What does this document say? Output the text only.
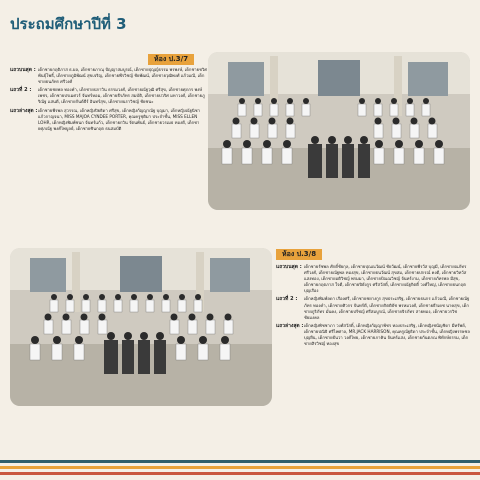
ประถมศึกษาปีที่ 3
ห้อง ป.3/7
แถวบนสุด : เด็กชายกฤติภาส ธ.ผล, เด็กชายภาณุ ปัญญาสมบูรณ์, เด็กชายปุญญ์ธรรม พรพงษ์, เด็กชายชวิศ พันธุ์โพธิ์, เด็กชายภูมิพัฒน์ สุขเจริญ, เด็กชายพีรวิชญ์ ชัยพัฒน์, เด็กชายวุฒิพงศ์ แก้วมณี, เด็กชายธนภัทร ศรีวงศ์
แถวที่ 2 : เด็กชายชยพล ทองคำ, เด็กชายปภาวิน ธรรมวงศ์, เด็กชายณัฐวุฒิ ศรีสุข, เด็กชายศุภกร พงษ์เพชร, เด็กชายปรเมศวร์ จันทร์หอม, เด็กชายธีรภัทร สมบัติ, เด็กชายปวริศ มหาวงศ์, เด็กชายภูริณัฐ แสนดี, เด็กชายกันต์ธีร์ อินทร์สุข, เด็กชายนราวิชญ์ ชัยชนะ
แถวล่างสุด : เด็กชายพีรพล สุวรรณ, เด็กหญิงปิยธิดา ศรีสุข, เด็กหญิงกัญญาณัฐ บุญมา, เด็กหญิงณัฐนิชา แก้วกาญจนา, MISS MAJOA CYNDEE PORTER, คุณครูชุติมา ประจำชั้น, MISS ELLEN LOHR, เด็กหญิงพิมพ์ชนก จันทร์แก้ว, เด็กชายกวิน รัตนพันธ์, เด็กชายวรเมธ ทองดี, เด็กชายศุภณัฐ พงศ์ไพบูลย์, เด็กชายชินกฤต ธนสมบัติ
ห้อง ป.3/8
แถวบนสุด : เด็กชายรัชพล ศักดิ์ชัยกุล, เด็กชายปุณณวัฒน์ ชัยวัฒน์, เด็กชายพีรวัส บุญมี, เด็กชายณภัทร ศรีวงศ์, เด็กชายณัฐพล ทองสุข, เด็กชายธนวัฒน์ สุขสม, เด็กชายปกรณ์ คงดี, เด็กชายวิทวัส แสงทอง, เด็กชายอติวิชญ์ พรมมา, เด็กชายปัณณวิชญ์ จันทร์งาม, เด็กชายภัทรพล มีสุข, เด็กชายกฤตภาส ใจดี, เด็กชายปิยังกูร ศรีสวัสดิ์, เด็กชายณัฐกิตติ์ วงศ์ใหญ่, เด็กชายธนกฤต บุญเรือง
แถวที่ 2 : เด็กหญิงพิมพ์ลดา เรืองศรี, เด็กชายชยางกูร สุขประเสริฐ, เด็กชายธนกร แก้วมณี, เด็กชายณัฐภัทร ทองคำ, เด็กชายศิวกร จันทร์ดี, เด็กชายกิตติธัช พรหมวงศ์, เด็กชายธีรเดช นาคสุข, เด็กชายภูริภัทร มั่นคง, เด็กชายปรัชญ์ ศรีสมบูรณ์, เด็กชายจิรภัทร สายทอง, เด็กชายวรวิช ชัยมงคล
แถวล่างสุด : เด็กหญิงพิชชาภา วงศ์สวัสดิ์, เด็กหญิงกัญญาพัชร ทองประเสริฐ, เด็กหญิงชนัญชิดา มีทรัพย์, เด็กชายปณิธิ ศรีไพศาล, MR.JACK HARRISON, คุณครูณัฐธิดา ประจำชั้น, เด็กหญิงพรรษชล บุญยืน, เด็กชายธันวา วงศ์ไทย, เด็กชายภาคิน จันทร์แสง, เด็กชายกันตภณ พิทักษ์ธรรม, เด็กชายสิรวิชญ์ ทองสุข
